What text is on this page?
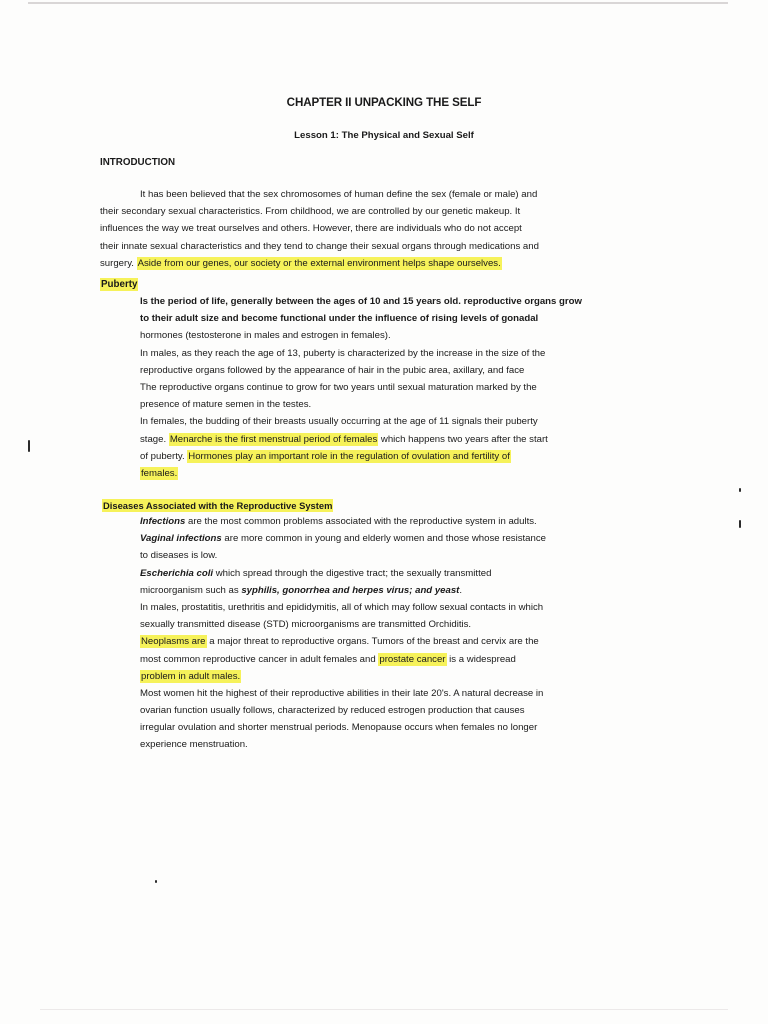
CHAPTER II UNPACKING THE SELF
Lesson 1: The Physical and Sexual Self
INTRODUCTION
It has been believed that the sex chromosomes of human define the sex (female or male) and
their secondary sexual characteristics. From childhood, we are controlled by our genetic makeup. It
influences the way we treat ourselves and others. However, there are individuals who do not accept
their innate sexual characteristics and they tend to change their sexual organs through medications and
surgery. Aside from our genes, our society or the external environment helps shape ourselves.
Puberty
Is the period of life, generally between the ages of 10 and 15 years old. reproductive organs grow
to their adult size and become functional under the influence of rising levels of gonadal
hormones (testosterone in males and estrogen in females).
In males, as they reach the age of 13, puberty is characterized by the increase in the size of the
reproductive organs followed by the appearance of hair in the pubic area, axillary, and face
The reproductive organs continue to grow for two years until sexual maturation marked by the
presence of mature semen in the testes.
In females, the budding of their breasts usually occurring at the age of 11 signals their puberty
stage. Menarche is the first menstrual period of females which happens two years after the start
of puberty. Hormones play an important role in the regulation of ovulation and fertility of
females.
Diseases Associated with the Reproductive System
Infections are the most common problems associated with the reproductive system in adults.
Vaginal infections are more common in young and elderly women and those whose resistance
to diseases is low.
Escherichia coli which spread through the digestive tract; the sexually transmitted
microorganism such as syphilis, gonorrhea and herpes virus; and yeast.
In males, prostatitis, urethritis and epididymitis, all of which may follow sexual contacts in which
sexually transmitted disease (STD) microorganisms are transmitted Orchiditis.
Neoplasms are a major threat to reproductive organs. Tumors of the breast and cervix are the
most common reproductive cancer in adult females and prostate cancer is a widespread
problem in adult males.
Most women hit the highest of their reproductive abilities in their late 20's. A natural decrease in
ovarian function usually follows, characterized by reduced estrogen production that causes
irregular ovulation and shorter menstrual periods. Menopause occurs when females no longer
experience menstruation.
